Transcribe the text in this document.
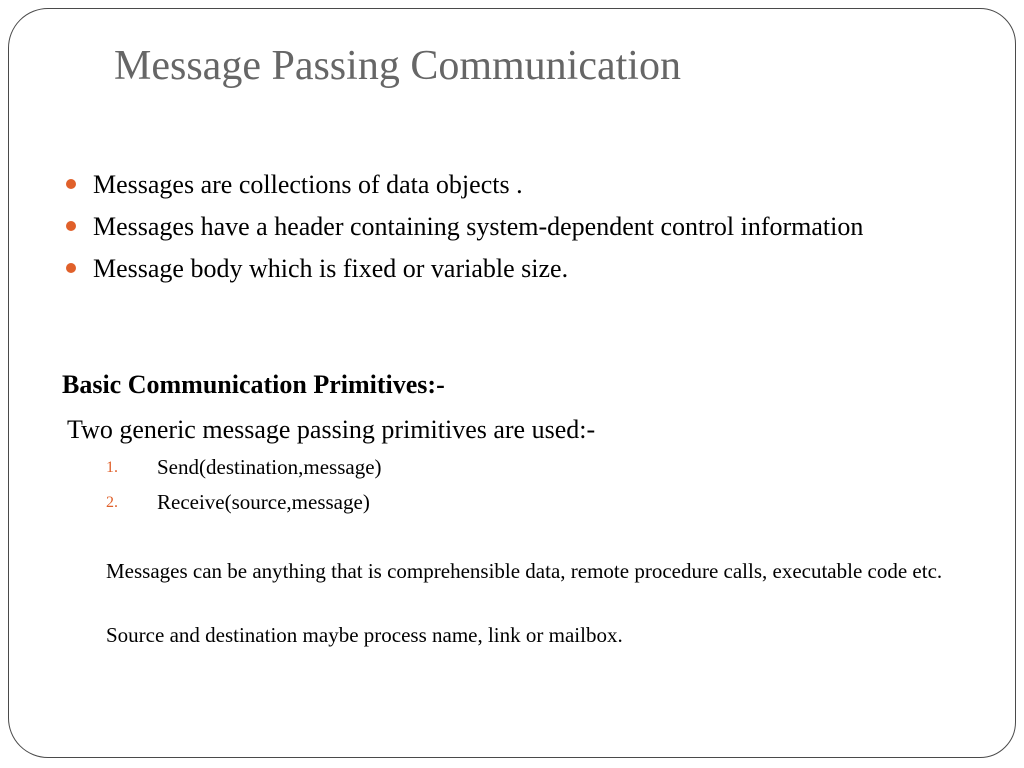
Message Passing Communication
Messages are collections of data objects .
Messages have a header containing system-dependent control information
Message body which is fixed or variable size.

Basic Communication Primitives:-

Two generic message passing primitives are used:-

1. Send(destination,message)
2. Receive(source,message)

Messages can be anything that is comprehensible data, remote procedure calls, executable code etc.

Source and destination maybe process name, link or mailbox.
